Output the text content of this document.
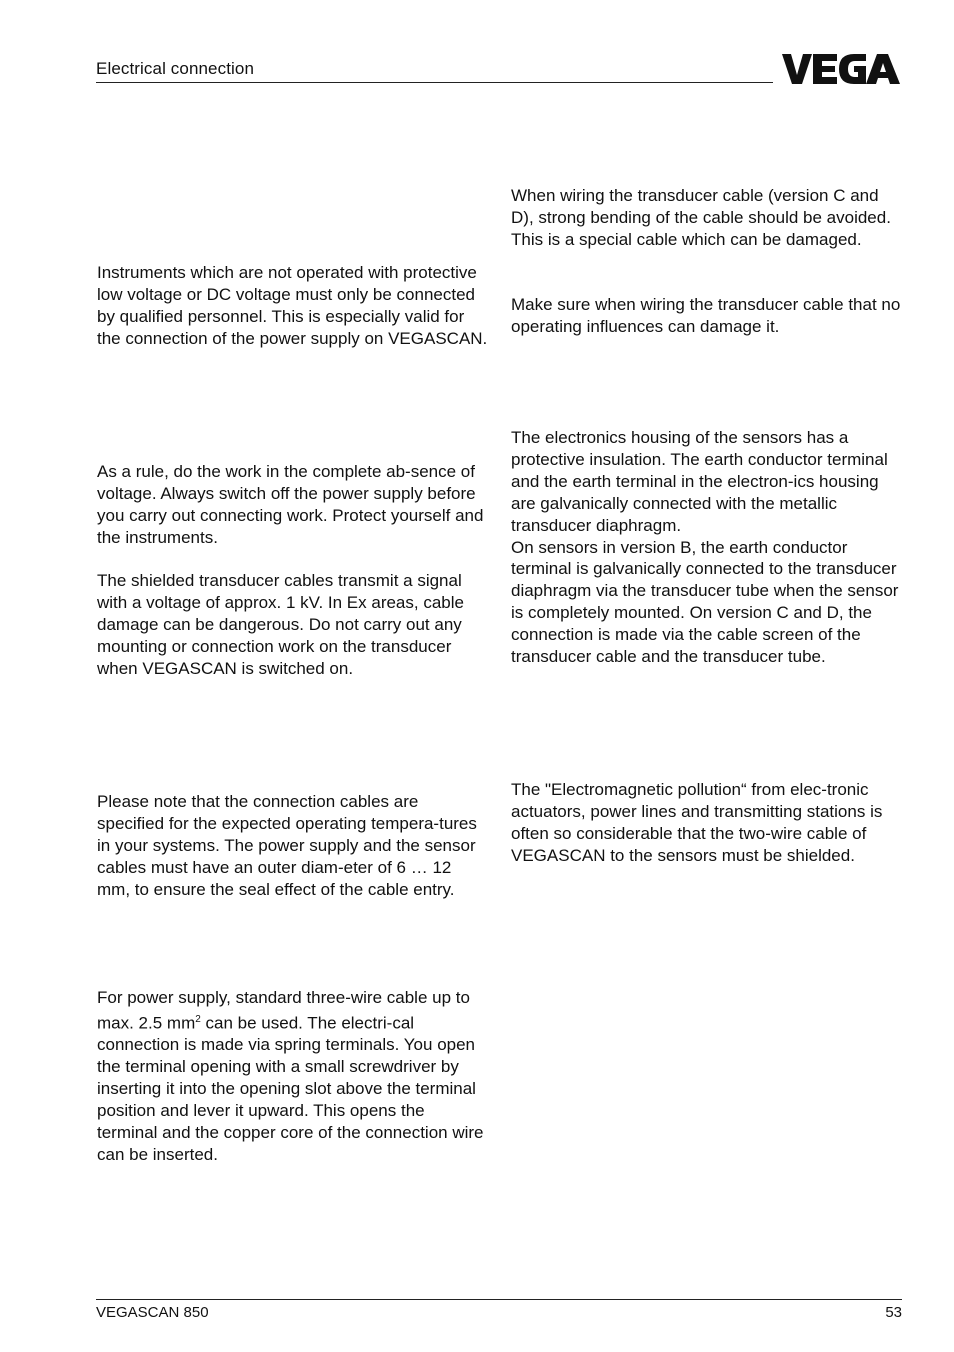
Electrical connection

Instruments which are not operated with protective low voltage or DC voltage must only be connected by qualified personnel. This is especially valid for the connection of the power supply on VEGASCAN.

As a rule, do the work in the complete ab-sence of voltage. Always switch off the power supply before you carry out connecting work. Protect yourself and the instruments.

The shielded transducer cables transmit a signal with a voltage of approx. 1 kV. In Ex areas, cable damage can be dangerous. Do not carry out any mounting or connection work on the transducer when VEGASCAN is switched on.

Please note that the connection cables are specified for the expected operating tempera-tures in your systems. The power supply and the sensor cables must have an outer diam-eter of 6 … 12 mm, to ensure the seal effect of the cable entry.

For power supply, standard three-wire cable up to max. 2.5 $mm^2$ can be used. The electri-cal connection is made via spring terminals. You open the terminal opening with a small screwdriver by inserting it into the opening slot above the terminal position and lever it upward. This opens the terminal and the copper core of the connection wire can be inserted.

When wiring the transducer cable (version C and D), strong bending of the cable should be avoided. This is a special cable which can be damaged.

Make sure when wiring the transducer cable that no operating influences can damage it.

The electronics housing of the sensors has a protective insulation. The earth conductor terminal and the earth terminal in the electron-ics housing are galvanically connected with the metallic transducer diaphragm.

On sensors in version B, the earth conductor terminal is galvanically connected to the transducer diaphragm via the transducer tube when the sensor is completely mounted. On version C and D, the connection is made via the cable screen of the transducer cable and the transducer tube.

The "Electromagnetic pollution“ from elec-tronic actuators, power lines and transmitting stations is often so considerable that the two-wire cable of VEGASCAN to the sensors must be shielded.

VEGASCAN 850	53
